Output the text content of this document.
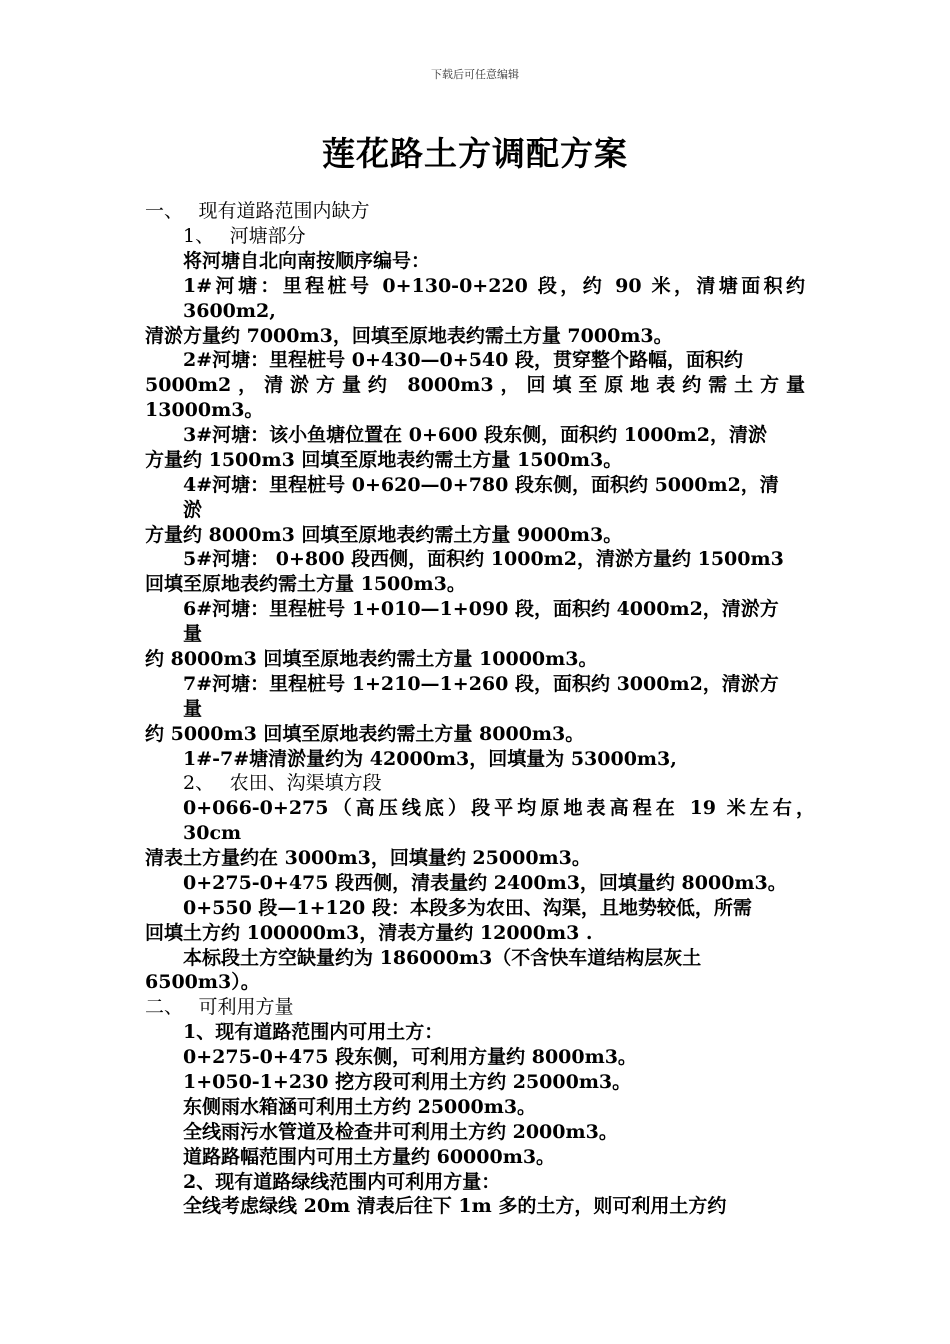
下载后可任意编辑
莲花路土方调配方案
一、　 现有道路范围内缺方
1、　 河塘部分
将河塘自北向南按顺序编号：
1#河塘：里程桩号 0+130-0+220 段，约 90 米，清塘面积约
3600m2,
清淤方量约 7000m3，回填至原地表约需土方量 7000m3。
2#河塘：里程桩号 0+430—0+540 段，贯穿整个路幅，面积约
5000m2，清淤方量约 8000m3，回填至原地表约需土方量
13000m3。
3#河塘：该小鱼塘位置在 0+600 段东侧，面积约 1000m2，清淤
方量约 1500m3 回填至原地表约需土方量 1500m3。
4#河塘：里程桩号 0+620—0+780 段东侧，面积约 5000m2，清
淤
方量约 8000m3 回填至原地表约需土方量 9000m3。
5#河塘： 0+800 段西侧，面积约 1000m2，清淤方量约 1500m3
回填至原地表约需土方量 1500m3。
6#河塘：里程桩号 1+010—1+090 段，面积约 4000m2，清淤方
量
约 8000m3 回填至原地表约需土方量 10000m3。
7#河塘：里程桩号 1+210—1+260 段，面积约 3000m2，清淤方
量
约 5000m3 回填至原地表约需土方量 8000m3。
1#-7#塘清淤量约为 42000m3，回填量为 53000m3,
2、　 农田、沟渠填方段
0+066-0+275（高压线底）段平均原地表高程在 19 米左右，
30cm
清表土方量约在 3000m3，回填量约 25000m3。
0+275-0+475 段西侧，清表量约 2400m3，回填量约 8000m3。
0+550 段—1+120 段：本段多为农田、沟渠，且地势较低，所需
回填土方约 100000m3，清表方量约 12000m3 .
本标段土方空缺量约为 186000m3（不含快车道结构层灰土
6500m3）。
二、　 可利用方量
1、现有道路范围内可用土方：
0+275-0+475 段东侧，可利用方量约 8000m3。
1+050-1+230 挖方段可利用土方约 25000m3。
东侧雨水箱涵可利用土方约 25000m3。
全线雨污水管道及检查井可利用土方约 2000m3。
道路路幅范围内可用土方量约 60000m3。
2、现有道路绿线范围内可利用方量：
全线考虑绿线 20m 清表后往下 1m 多的土方，则可利用土方约
